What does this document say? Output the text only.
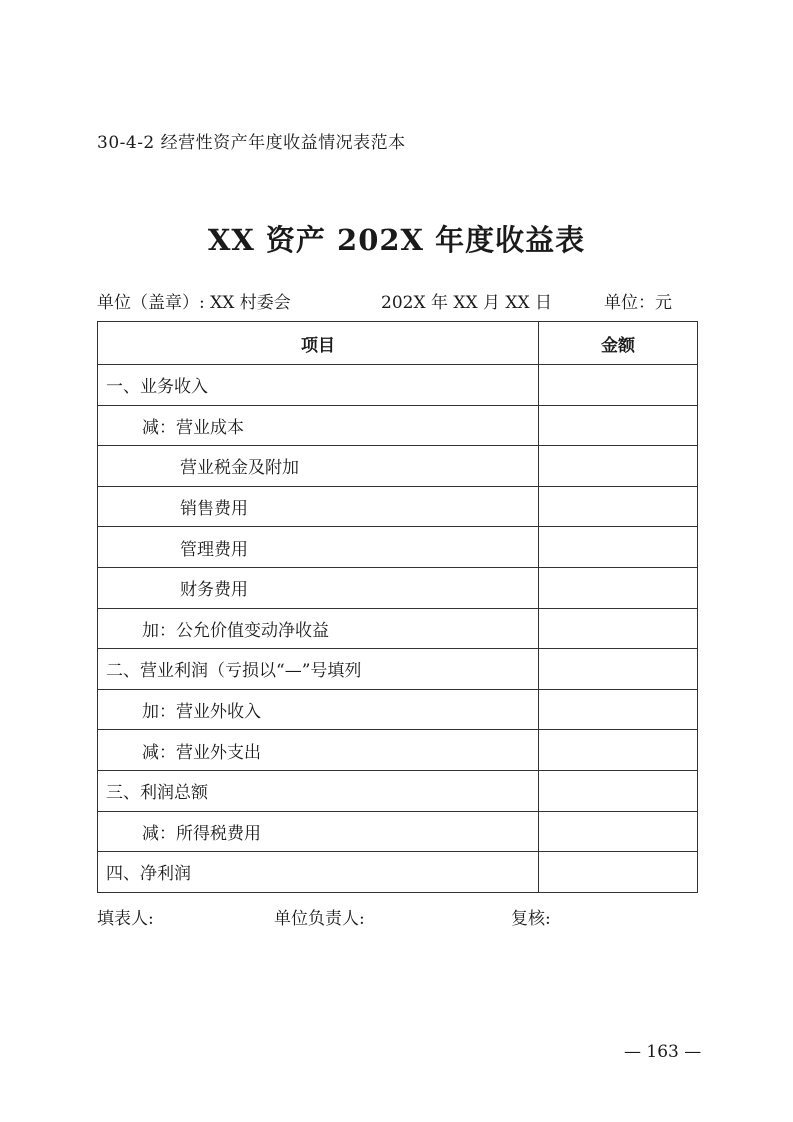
30-4-2 经营性资产年度收益情况表范本
XX 资产 202X 年度收益表
单位（盖章）: XX 村委会	202X 年 XX 月 XX 日	单位：元
项目	金额
一、业务收入	
减：营业成本	
营业税金及附加	
销售费用	
管理费用	
财务费用	
加：公允价值变动净收益	
二、营业利润（亏损以“—”号填列	
加：营业外收入	
减：营业外支出	
三、利润总额	
减：所得税费用	
四、净利润	
填表人:	单位负责人:	复核:
— 163 —
